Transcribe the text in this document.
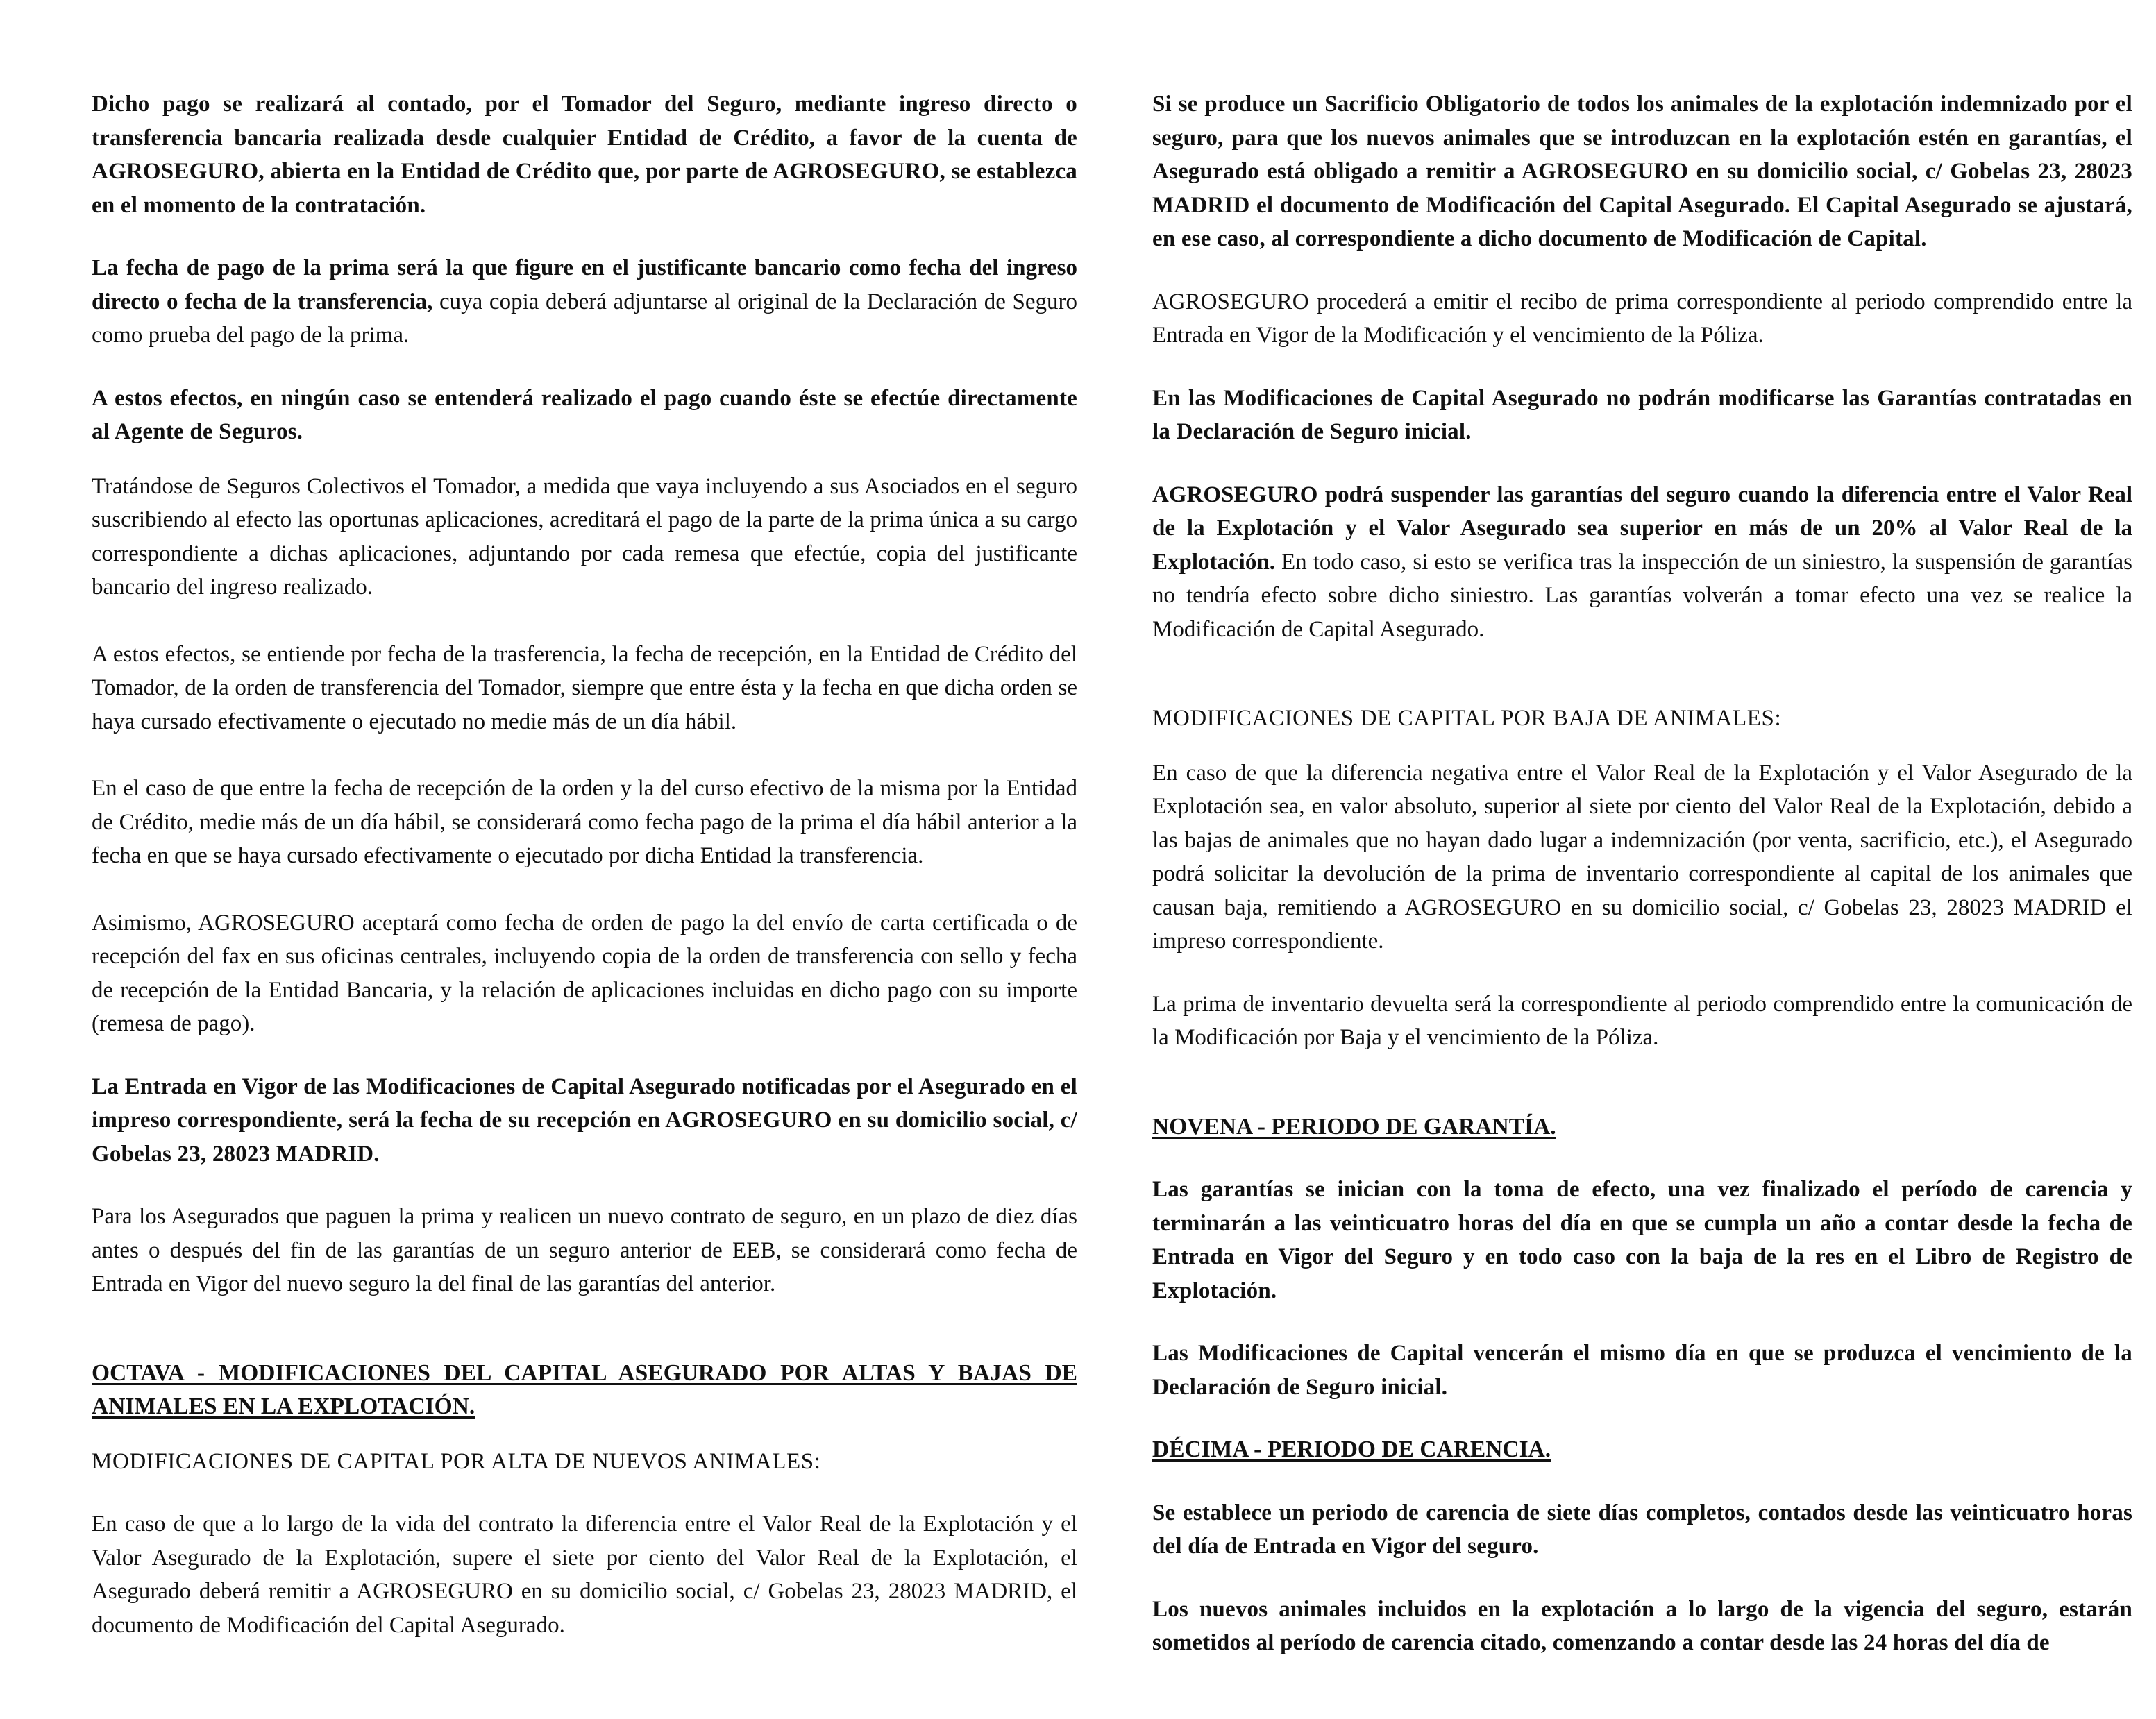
Dicho pago se realizará al contado, por el Tomador del Seguro, mediante ingreso directo o transferencia bancaria realizada desde cualquier Entidad de Crédito, a favor de la cuenta de AGROSEGURO, abierta en la Entidad de Crédito que, por parte de AGROSEGURO, se establezca en el momento de la contratación.

La fecha de pago de la prima será la que figure en el justificante bancario como fecha del ingreso directo o fecha de la transferencia, cuya copia deberá adjuntarse al original de la Declaración de Seguro como prueba del pago de la prima.

A estos efectos, en ningún caso se entenderá realizado el pago cuando éste se efectúe directamente al Agente de Seguros.

Tratándose de Seguros Colectivos el Tomador, a medida que vaya incluyendo a sus Asociados en el seguro suscribiendo al efecto las oportunas aplicaciones, acreditará el pago de la parte de la prima única a su cargo correspondiente a dichas aplicaciones, adjuntando por cada remesa que efectúe, copia del justificante bancario del ingreso realizado.

A estos efectos, se entiende por fecha de la trasferencia, la fecha de recepción, en la Entidad de Crédito del Tomador, de la orden de transferencia del Tomador, siempre que entre ésta y la fecha en que dicha orden se haya cursado efectivamente o ejecutado no medie más de un día hábil.

En el caso de que entre la fecha de recepción de la orden y la del curso efectivo de la misma por la Entidad de Crédito, medie más de un día hábil, se considerará como fecha pago de la prima el día hábil anterior a la fecha en que se haya cursado efectivamente o ejecutado por dicha Entidad la transferencia.

Asimismo, AGROSEGURO aceptará como fecha de orden de pago la del envío de carta certificada o de recepción del fax en sus oficinas centrales, incluyendo copia de la orden de transferencia con sello y fecha de recepción de la Entidad Bancaria, y la relación de aplicaciones incluidas en dicho pago con su importe (remesa de pago).

La Entrada en Vigor de las Modificaciones de Capital Asegurado notificadas por el Asegurado en el impreso correspondiente, será la fecha de su recepción en AGROSEGURO en su domicilio social, c/ Gobelas 23, 28023 MADRID.

Para los Asegurados que paguen la prima y realicen un nuevo contrato de seguro, en un plazo de diez días antes o después del fin de las garantías de un seguro anterior de EEB, se considerará como fecha de Entrada en Vigor del nuevo seguro la del final de las garantías del anterior.

OCTAVA - MODIFICACIONES DEL CAPITAL ASEGURADO POR ALTAS Y BAJAS DE ANIMALES EN LA EXPLOTACIÓN.

MODIFICACIONES DE CAPITAL POR ALTA DE NUEVOS ANIMALES:

En caso de que a lo largo de la vida del contrato la diferencia entre el Valor Real de la Explotación y el Valor Asegurado de la Explotación, supere el siete por ciento del Valor Real de la Explotación, el Asegurado deberá remitir a AGROSEGURO en su domicilio social, c/ Gobelas 23, 28023 MADRID, el documento de Modificación del Capital Asegurado.

Si se produce un Sacrificio Obligatorio de todos los animales de la explotación indemnizado por el seguro, para que los nuevos animales que se introduzcan en la explotación estén en garantías, el Asegurado está obligado a remitir a AGROSEGURO en su domicilio social, c/ Gobelas 23, 28023 MADRID el documento de Modificación del Capital Asegurado. El Capital Asegurado se ajustará, en ese caso, al correspondiente a dicho documento de Modificación de Capital.

AGROSEGURO procederá a emitir el recibo de prima correspondiente al periodo comprendido entre la Entrada en Vigor de la Modificación y el vencimiento de la Póliza.

En las Modificaciones de Capital Asegurado no podrán modificarse las Garantías contratadas en la Declaración de Seguro inicial.

AGROSEGURO podrá suspender las garantías del seguro cuando la diferencia entre el Valor Real de la Explotación y el Valor Asegurado sea superior en más de un 20% al Valor Real de la Explotación. En todo caso, si esto se verifica tras la inspección de un siniestro, la suspensión de garantías no tendría efecto sobre dicho siniestro. Las garantías volverán a tomar efecto una vez se realice la Modificación de Capital Asegurado.

MODIFICACIONES DE CAPITAL POR BAJA DE ANIMALES:

En caso de que la diferencia negativa entre el Valor Real de la Explotación y el Valor Asegurado de la Explotación sea, en valor absoluto, superior al siete por ciento del Valor Real de la Explotación, debido a las bajas de animales que no hayan dado lugar a indemnización (por venta, sacrificio, etc.), el Asegurado podrá solicitar la devolución de la prima de inventario correspondiente al capital de los animales que causan baja, remitiendo a AGROSEGURO en su domicilio social, c/ Gobelas 23, 28023 MADRID el impreso correspondiente.

La prima de inventario devuelta será la correspondiente al periodo comprendido entre la comunicación de la Modificación por Baja y el vencimiento de la Póliza.

NOVENA - PERIODO DE GARANTÍA.

Las garantías se inician con la toma de efecto, una vez finalizado el período de carencia y terminarán a las veinticuatro horas del día en que se cumpla un año a contar desde la fecha de Entrada en Vigor del Seguro y en todo caso con la baja de la res en el Libro de Registro de Explotación.

Las Modificaciones de Capital vencerán el mismo día en que se produzca el vencimiento de la Declaración de Seguro inicial.

DÉCIMA - PERIODO DE CARENCIA.

Se establece un periodo de carencia de siete días completos, contados desde las veinticuatro horas del día de Entrada en Vigor del seguro.

Los nuevos animales incluidos en la explotación a lo largo de la vigencia del seguro, estarán sometidos al período de carencia citado, comenzando a contar desde las 24 horas del día de
